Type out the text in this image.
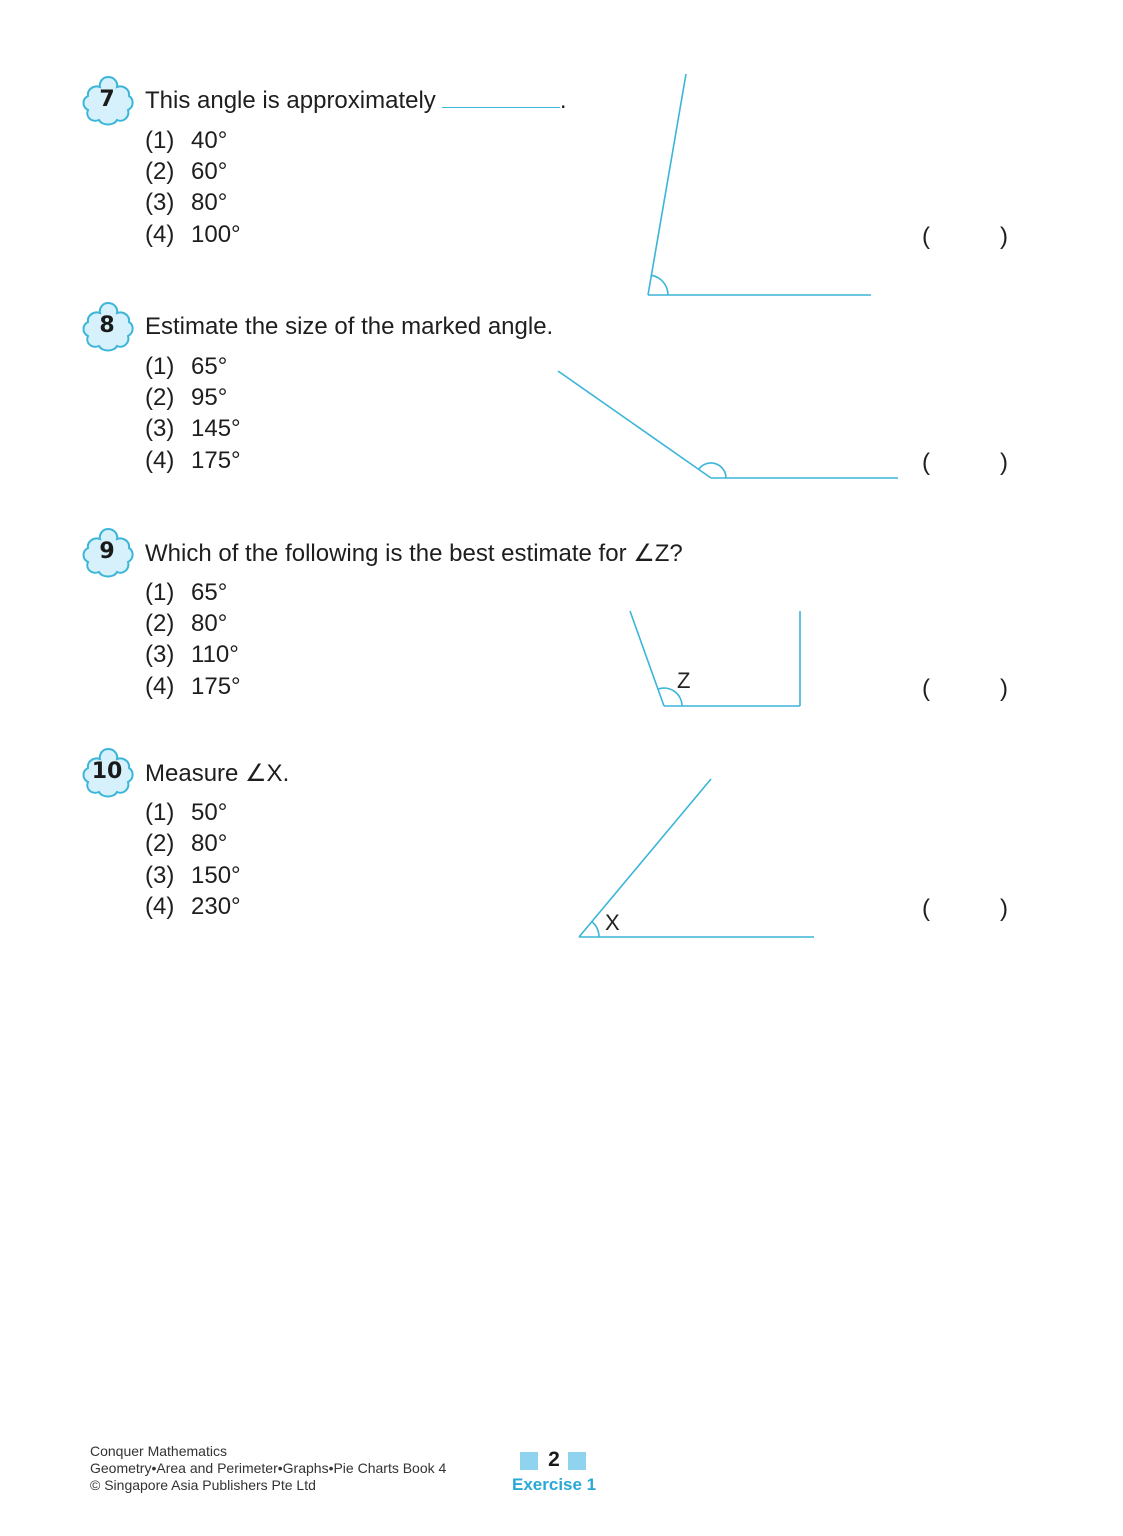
7	This angle is approximately	.
(1) 40°
(2) 60°
(3) 80°
(4) 100°	(	)
8	Estimate the size of the marked angle.
(1) 65°
(2) 95°
(3) 145°
(4) 175°	(	)
9	Which of the following is the best estimate for ∠Z?
(1) 65°
(2) 80°
(3) 110°
(4) 175°	(	)
10 Measure ∠X.
(1) 50°
(2) 80°
(3) 150°
(4) 230°	(	)
Z
X
Conquer Mathematics
Geometry•Area and Perimeter•Graphs•Pie Charts Book 4
© Singapore Asia Publishers Pte Ltd
2
Exercise 1
